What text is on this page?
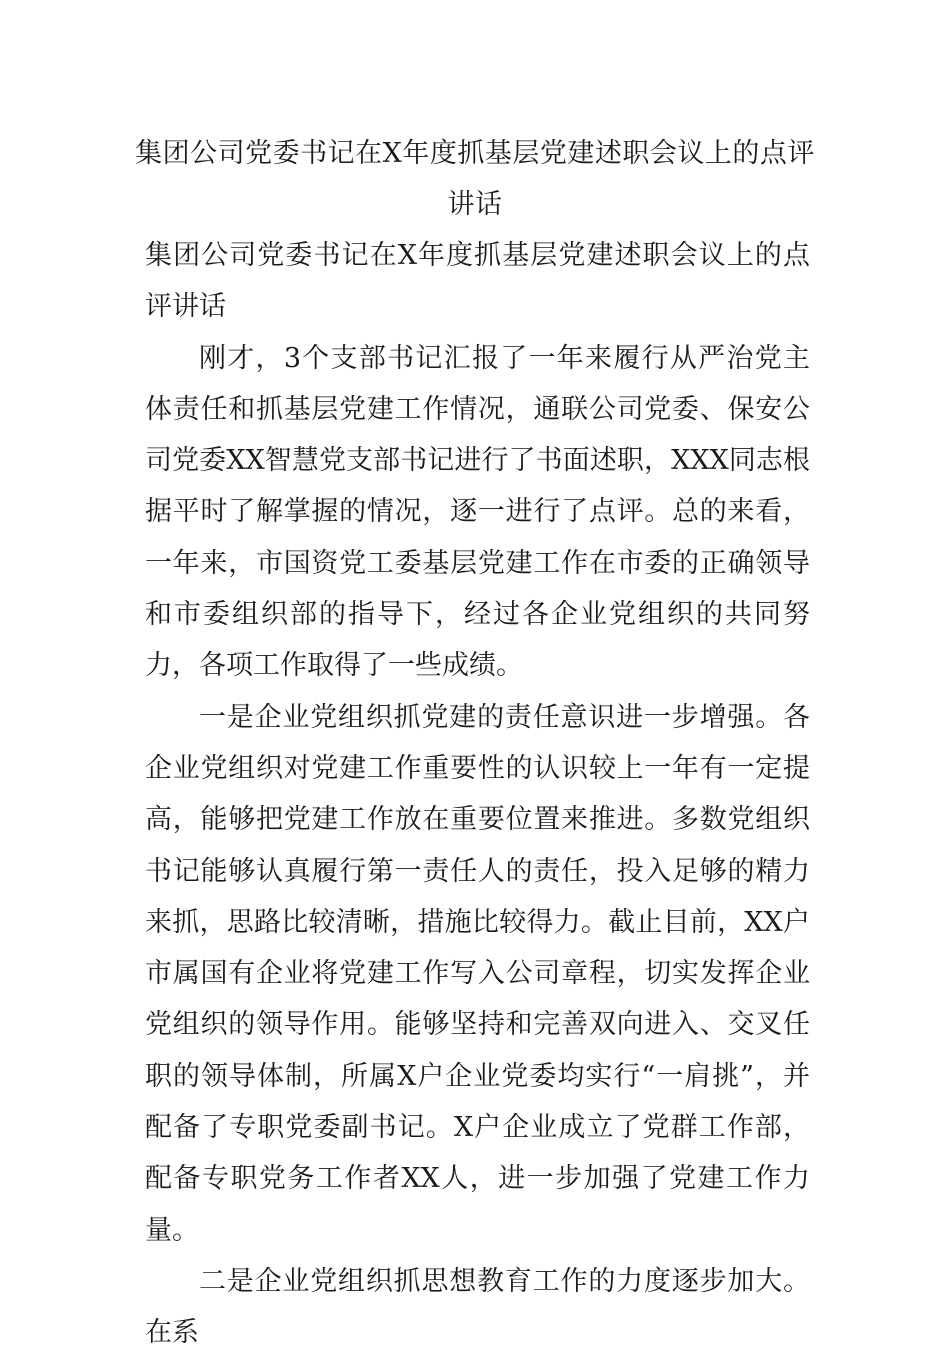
集团公司党委书记在X年度抓基层党建述职会议上的点评讲话

集团公司党委书记在X年度抓基层党建述职会议上的点评讲话

刚才，3个支部书记汇报了一年来履行从严治党主体责任和抓基层党建工作情况，通联公司党委、保安公司党委XX智慧党支部书记进行了书面述职，XXX同志根据平时了解掌握的情况，逐一进行了点评。总的来看，一年来，市国资党工委基层党建工作在市委的正确领导和市委组织部的指导下，经过各企业党组织的共同努力，各项工作取得了一些成绩。

一是企业党组织抓党建的责任意识进一步增强。各企业党组织对党建工作重要性的认识较上一年有一定提高，能够把党建工作放在重要位置来推进。多数党组织书记能够认真履行第一责任人的责任，投入足够的精力来抓，思路比较清晰，措施比较得力。截止目前，XX户市属国有企业将党建工作写入公司章程，切实发挥企业党组织的领导作用。能够坚持和完善双向进入、交叉任职的领导体制，所属X户企业党委均实行“一肩挑”，并配备了专职党委副书记。X户企业成立了党群工作部，配备专职党务工作者XX人，进一步加强了党建工作力量。

二是企业党组织抓思想教育工作的力度逐步加大。在系
